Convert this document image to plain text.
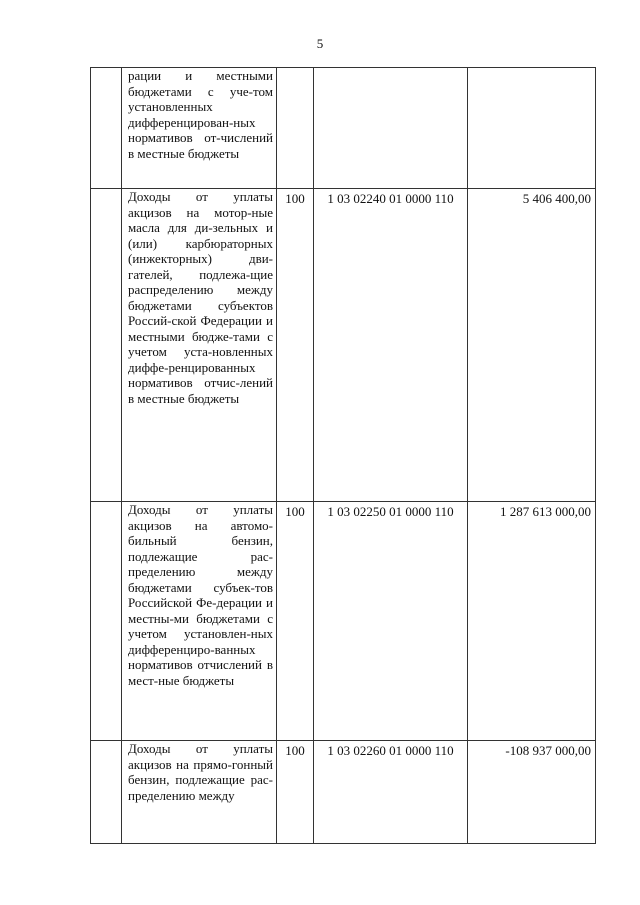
5
	рации и местными бюджетами с уче-том установленных дифференцирован-ных нормативов от-числений в местные бюджеты			
	Доходы от уплаты акцизов на мотор-ные масла для ди-зельных и (или) карбюраторных (инжекторных) дви-гателей, подлежа-щие распределению между бюджетами субъектов Россий-ской Федерации и местными бюдже-тами с учетом уста-новленных диффе-ренцированных нормативов отчис-лений в местные бюджеты	100	1 03 02240 01 0000 110	5 406 400,00
	Доходы от уплаты акцизов на автомо-бильный бензин, подлежащие рас-пределению между бюджетами субъек-тов Российской Фе-дерации и местны-ми бюджетами с учетом установлен-ных дифференциро-ванных нормативов отчислений в мест-ные бюджеты	100	1 03 02250 01 0000 110	1 287 613 000,00
	Доходы от уплаты акцизов на прямо-гонный бензин, подлежащие рас-пределению между	100	1 03 02260 01 0000 110	-108 937 000,00
